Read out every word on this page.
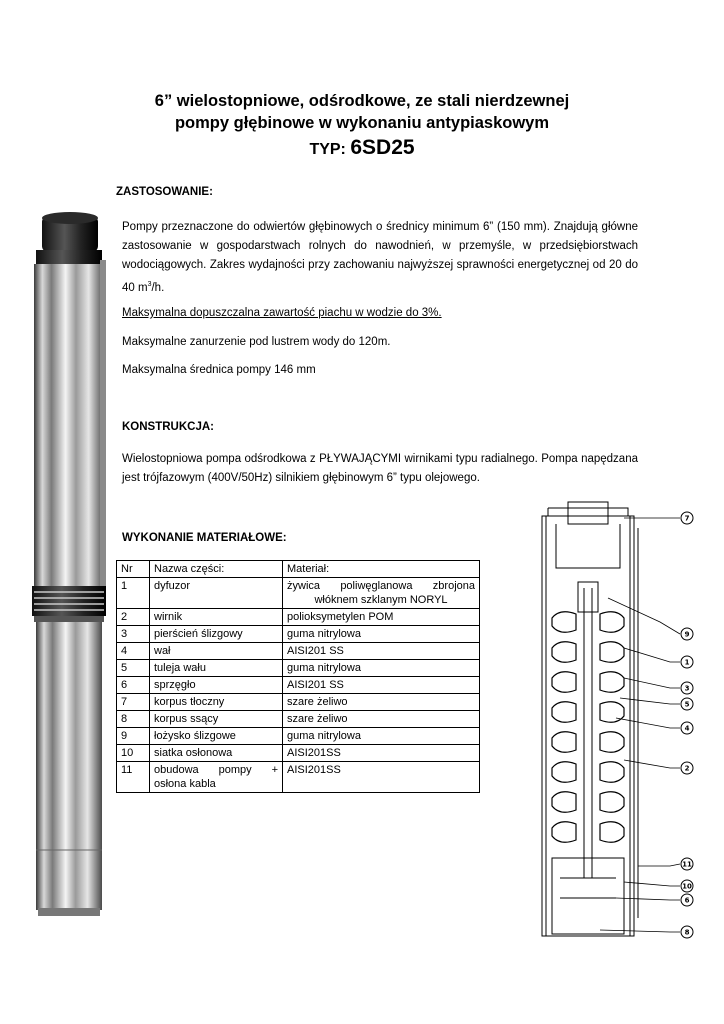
6” wielostopniowe, odśrodkowe, ze stali nierdzewnej
pompy głębinowe w wykonaniu antypiaskowym
TYP: 6SD25
ZASTOSOWANIE:
Pompy przeznaczone do odwiertów głębinowych o średnicy minimum 6” (150 mm). Znajdują główne zastosowanie w gospodarstwach rolnych do nawodnień, w przemyśle, w przedsiębiorstwach wodociągowych. Zakres wydajności przy zachowaniu najwyższej sprawności energetycznej od 20 do 40 $m^3/h$.
Maksymalna dopuszczalna zawartość piachu w wodzie do 3%.
Maksymalne zanurzenie pod lustrem wody do 120m.
Maksymalna średnica pompy 146 mm
KONSTRUKCJA:
Wielostopniowa pompa odśrodkowa z PŁYWAJĄCYMI wirnikami typu radialnego. Pompa napędzana jest trójfazowym (400V/50Hz) silnikiem głębinowym 6” typu olejowego.
WYKONANIE MATERIAŁOWE:
Nr	Nazwa części:	Materiał:
1	dyfuzor	żywica poliwęglanowa zbrojona
włóknem szklanym NORYL

2	wirnik	polioksymetylen POM
3	pierścień ślizgowy	guma nitrylowa
4	wał	AISI201 SS
5	tuleja wału	guma nitrylowa
6	sprzęgło	AISI201 SS
7	korpus tłoczny	szare żeliwo
8	korpus ssący	szare żeliwo
9	łożysko ślizgowe	guma nitrylowa
10	siatka osłonowa	AISI201SS
11	obudowa pompy +
osłona kabla	AISI201SS
7
9
1
3
5
4
2
11
10
6
8
